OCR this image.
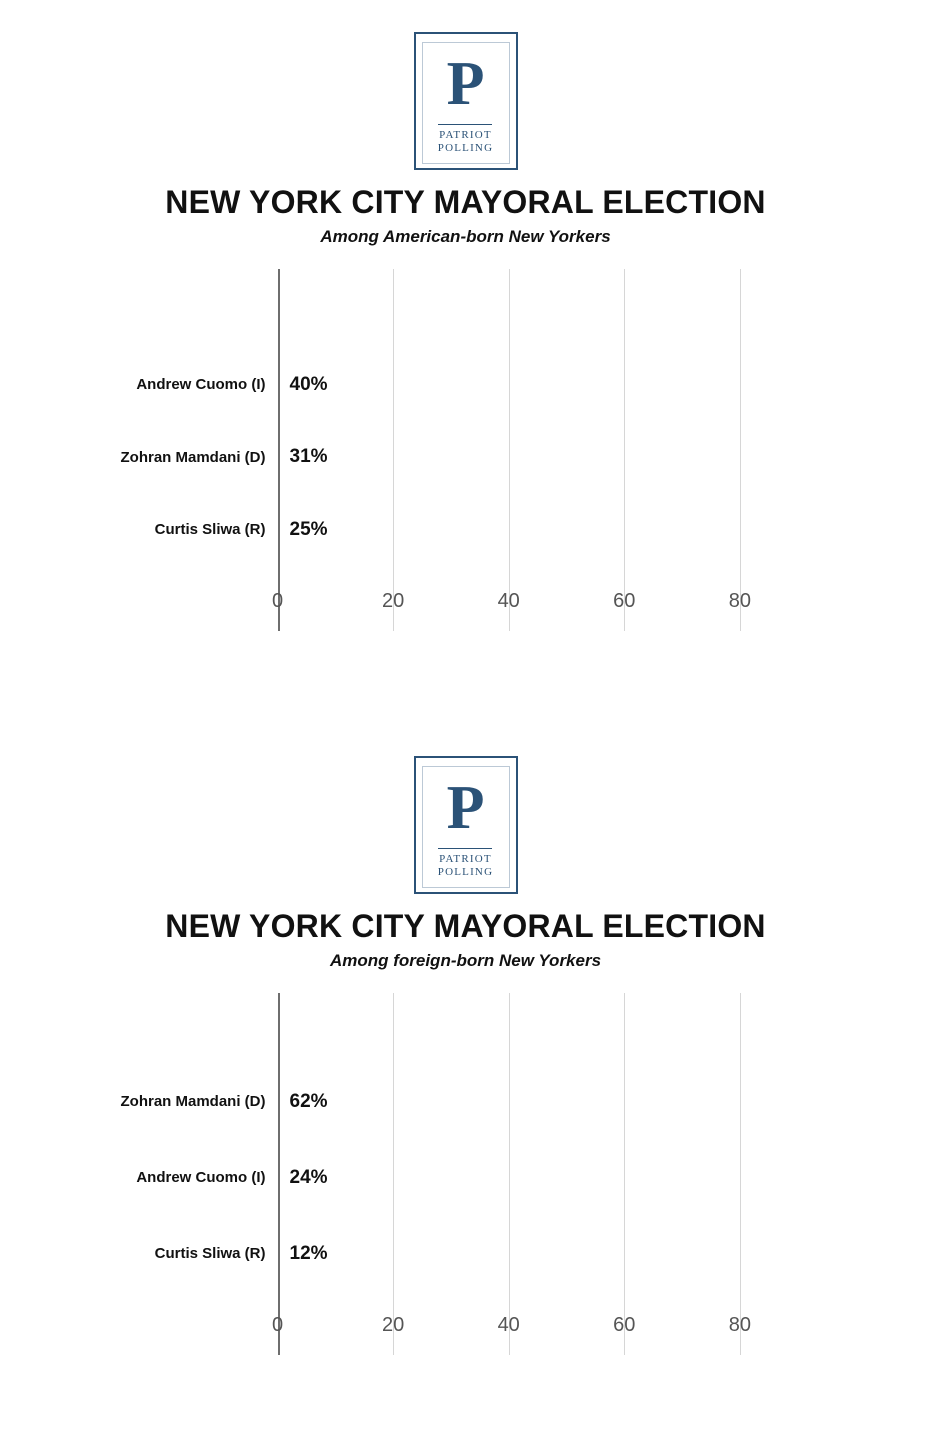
P
PATRIOT
POLLING
NEW YORK CITY MAYORAL ELECTION
Among American-born New Yorkers
0	20	40	60	80
Andrew Cuomo (I)	40%
Zohran Mamdani (D)	31%
Curtis Sliwa (R)	25%
P
PATRIOT
POLLING
NEW YORK CITY MAYORAL ELECTION
Among foreign-born New Yorkers
0	20	40	60	80
Zohran Mamdani (D)	62%
Andrew Cuomo (I)	24%
Curtis Sliwa (R)	12%
